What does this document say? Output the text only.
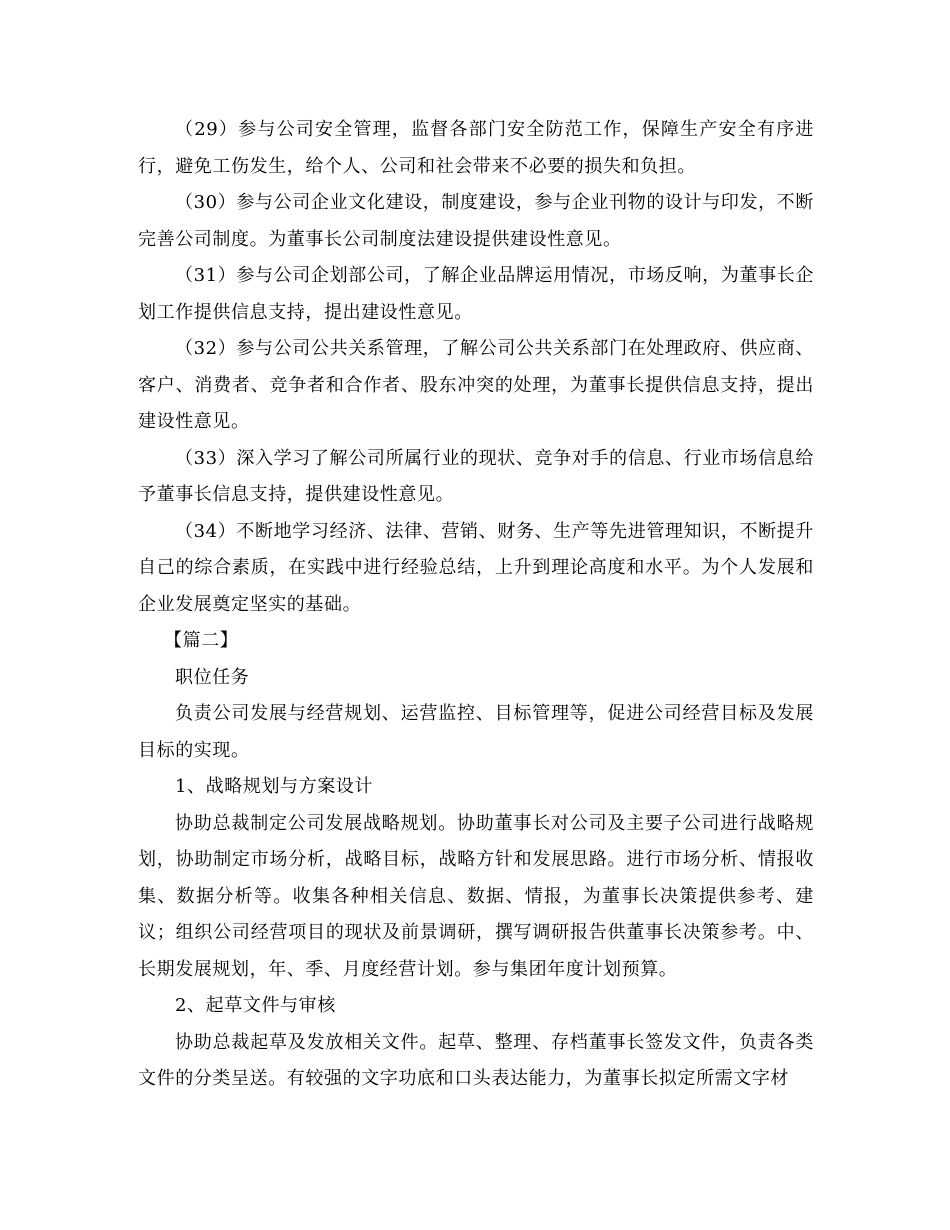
（29）参与公司安全管理，监督各部门安全防范工作，保障生产安全有序进行，避免工伤发生，给个人、公司和社会带来不必要的损失和负担。

（30）参与公司企业文化建设，制度建设，参与企业刊物的设计与印发，不断完善公司制度。为董事长公司制度法建设提供建设性意见。

（31）参与公司企划部公司，了解企业品牌运用情况，市场反响，为董事长企划工作提供信息支持，提出建设性意见。

（32）参与公司公共关系管理，了解公司公共关系部门在处理政府、供应商、客户、消费者、竞争者和合作者、股东冲突的处理，为董事长提供信息支持，提出建设性意见。

（33）深入学习了解公司所属行业的现状、竞争对手的信息、行业市场信息给予董事长信息支持，提供建设性意见。

（34）不断地学习经济、法律、营销、财务、生产等先进管理知识，不断提升自己的综合素质，在实践中进行经验总结，上升到理论高度和水平。为个人发展和企业发展奠定坚实的基础。

【篇二】

职位任务

负责公司发展与经营规划、运营监控、目标管理等，促进公司经营目标及发展目标的实现。

1、战略规划与方案设计

协助总裁制定公司发展战略规划。协助董事长对公司及主要子公司进行战略规划，协助制定市场分析，战略目标，战略方针和发展思路。进行市场分析、情报收集、数据分析等。收集各种相关信息、数据、情报，为董事长决策提供参考、建议；组织公司经营项目的现状及前景调研，撰写调研报告供董事长决策参考。中、长期发展规划，年、季、月度经营计划。参与集团年度计划预算。

2、起草文件与审核

协助总裁起草及发放相关文件。起草、整理、存档董事长签发文件，负责各类文件的分类呈送。有较强的文字功底和口头表达能力，为董事长拟定所需文字材
